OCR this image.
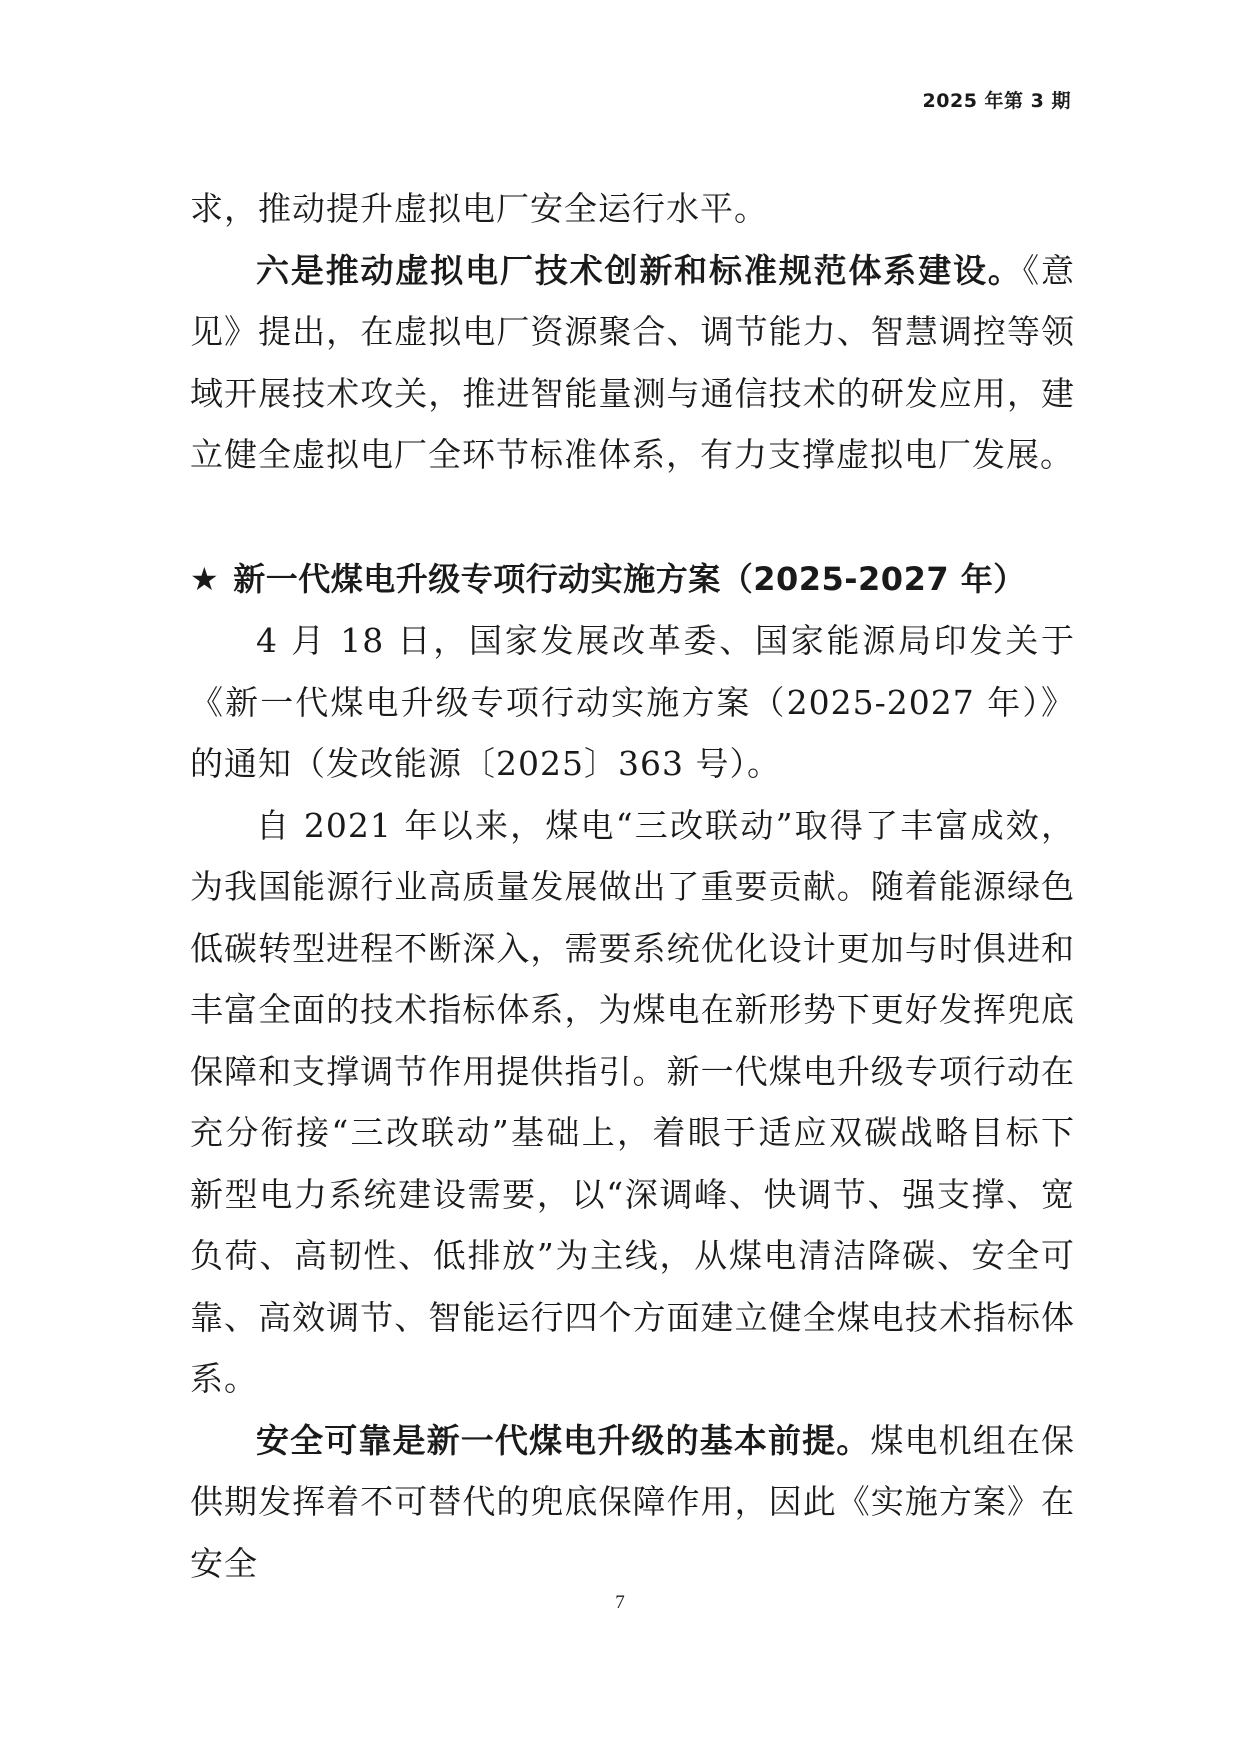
2025 年第 3 期

求，推动提升虚拟电厂安全运行水平。

六是推动虚拟电厂技术创新和标准规范体系建设。《意见》提出，在虚拟电厂资源聚合、调节能力、智慧调控等领域开展技术攻关，推进智能量测与通信技术的研发应用，建立健全虚拟电厂全环节标准体系，有力支撑虚拟电厂发展。

★ 新一代煤电升级专项行动实施方案（2025-2027 年）

4 月 18 日，国家发展改革委、国家能源局印发关于《新一代煤电升级专项行动实施方案（2025-2027 年）》的通知（发改能源〔2025〕363 号）。

自 2021 年以来，煤电“三改联动”取得了丰富成效，为我国能源行业高质量发展做出了重要贡献。随着能源绿色低碳转型进程不断深入，需要系统优化设计更加与时俱进和丰富全面的技术指标体系，为煤电在新形势下更好发挥兜底保障和支撑调节作用提供指引。新一代煤电升级专项行动在充分衔接“三改联动”基础上，着眼于适应双碳战略目标下新型电力系统建设需要，以“深调峰、快调节、强支撑、宽负荷、高韧性、低排放”为主线，从煤电清洁降碳、安全可靠、高效调节、智能运行四个方面建立健全煤电技术指标体系。

安全可靠是新一代煤电升级的基本前提。煤电机组在保供期发挥着不可替代的兜底保障作用，因此《实施方案》在安全

7
